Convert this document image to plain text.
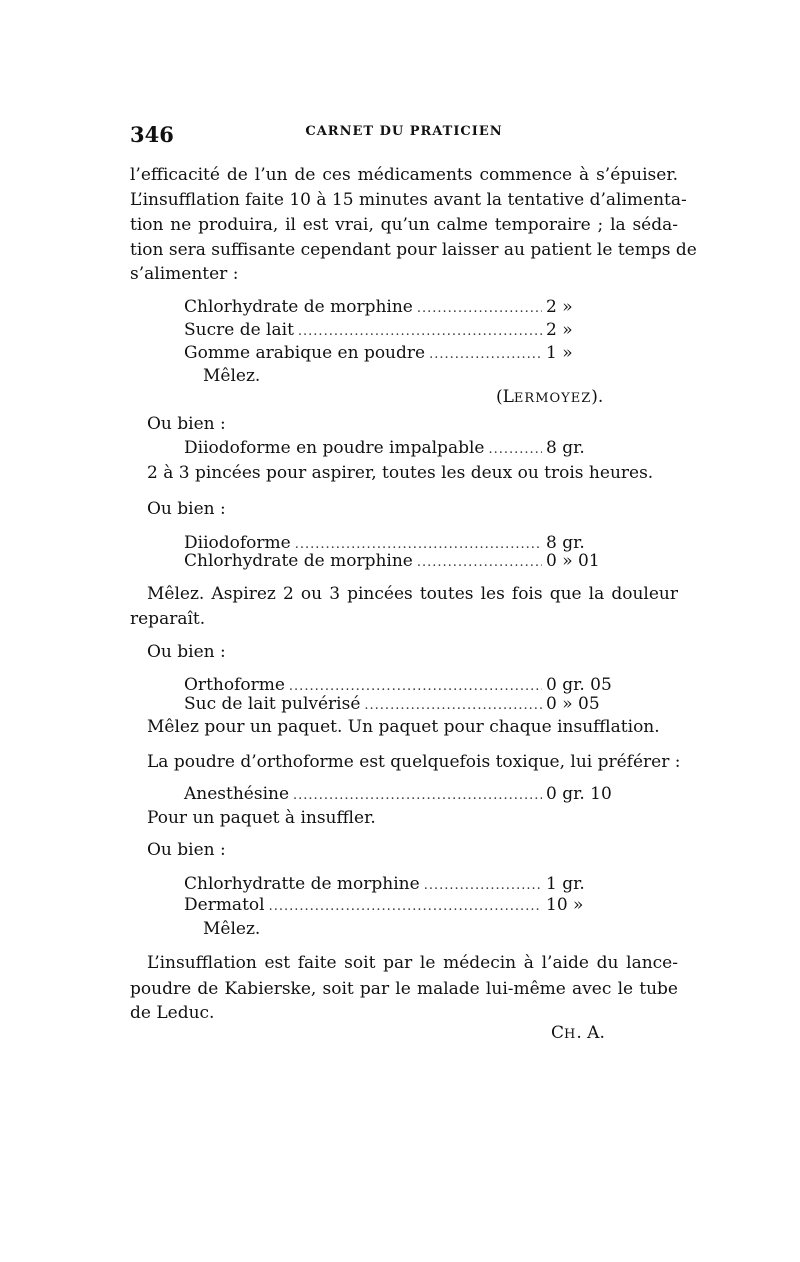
346	CARNET DU PRATICIEN
l’efficacité de l’un de ces médicaments commence à s’épuiser.
L’insufflation faite 10 à 15 minutes avant la tentative d’alimenta-
tion ne produira, il est vrai, qu’un calme temporaire ; la séda-
tion sera suffisante cependant pour laisser au patient le temps de
s’alimenter :
Chlorhydrate de morphine .....	2 »
Sucre de lait .....	2 »
Gomme arabique en poudre .....	1 »
Mêlez.
(LERMOYEZ).
Ou bien :
Diiodoforme en poudre impalpable .....	8 gr.
2 à 3 pincées pour aspirer, toutes les deux ou trois heures.
Ou bien :
Diiodoforme .....	8 gr.
Chlorhydrate de morphine .....	0 » 01
Mêlez. Aspirez 2 ou 3 pincées toutes les fois que la douleur
reparaît.
Ou bien :
Orthoforme .....	0 gr. 05
Suc de lait pulvérisé .....	0 » 05
Mêlez pour un paquet. Un paquet pour chaque insufflation.
La poudre d’orthoforme est quelquefois toxique, lui préférer :
Anesthésine .....	0 gr. 10
Pour un paquet à insuffler.
Ou bien :
Chlorhydratte de morphine .....	1 gr.
Dermatol .....	10 »
Mêlez.
L’insufflation est faite soit par le médecin à l’aide du lance-
poudre de Kabierske, soit par le malade lui-même avec le tube
de Leduc.
CH. A.
